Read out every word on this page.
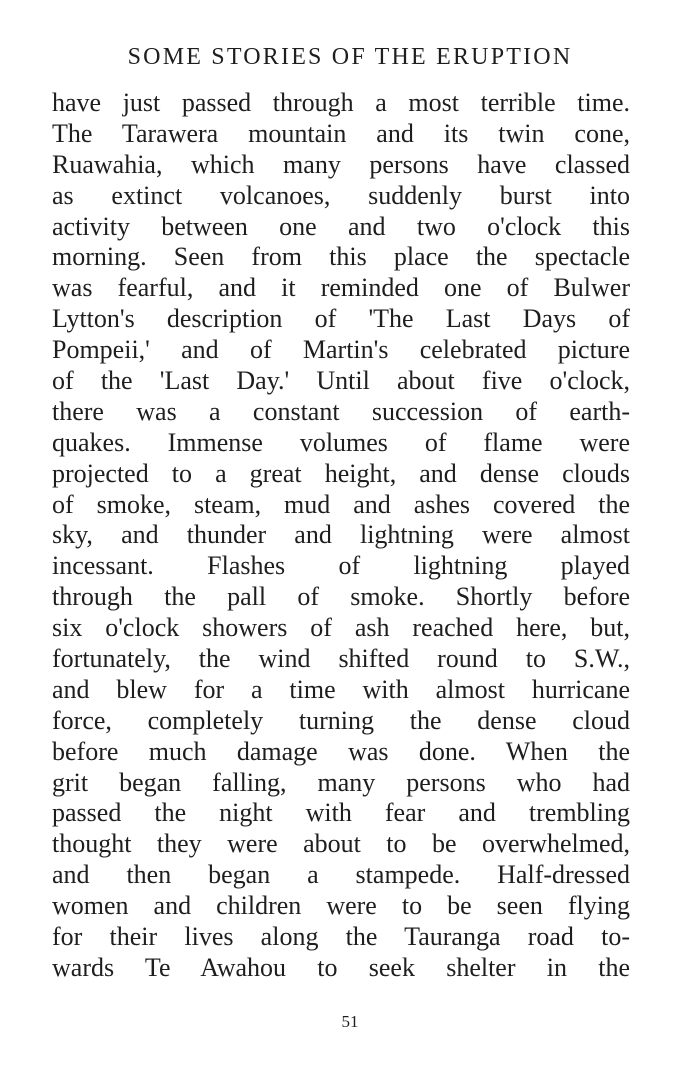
SOME STORIES OF THE ERUPTION
have just passed through a most terrible time.
The Tarawera mountain and its twin cone,
Ruawahia, which many persons have classed
as extinct volcanoes, suddenly burst into
activity between one and two o'clock this
morning. Seen from this place the spectacle
was fearful, and it reminded one of Bulwer
Lytton's description of 'The Last Days of
Pompeii,' and of Martin's celebrated picture
of the 'Last Day.' Until about five o'clock,
there was a constant succession of earth-
quakes. Immense volumes of flame were
projected to a great height, and dense clouds
of smoke, steam, mud and ashes covered the
sky, and thunder and lightning were almost
incessant. Flashes of lightning played
through the pall of smoke. Shortly before
six o'clock showers of ash reached here, but,
fortunately, the wind shifted round to S.W.,
and blew for a time with almost hurricane
force, completely turning the dense cloud
before much damage was done. When the
grit began falling, many persons who had
passed the night with fear and trembling
thought they were about to be overwhelmed,
and then began a stampede. Half-dressed
women and children were to be seen flying
for their lives along the Tauranga road to-
wards Te Awahou to seek shelter in the
51
